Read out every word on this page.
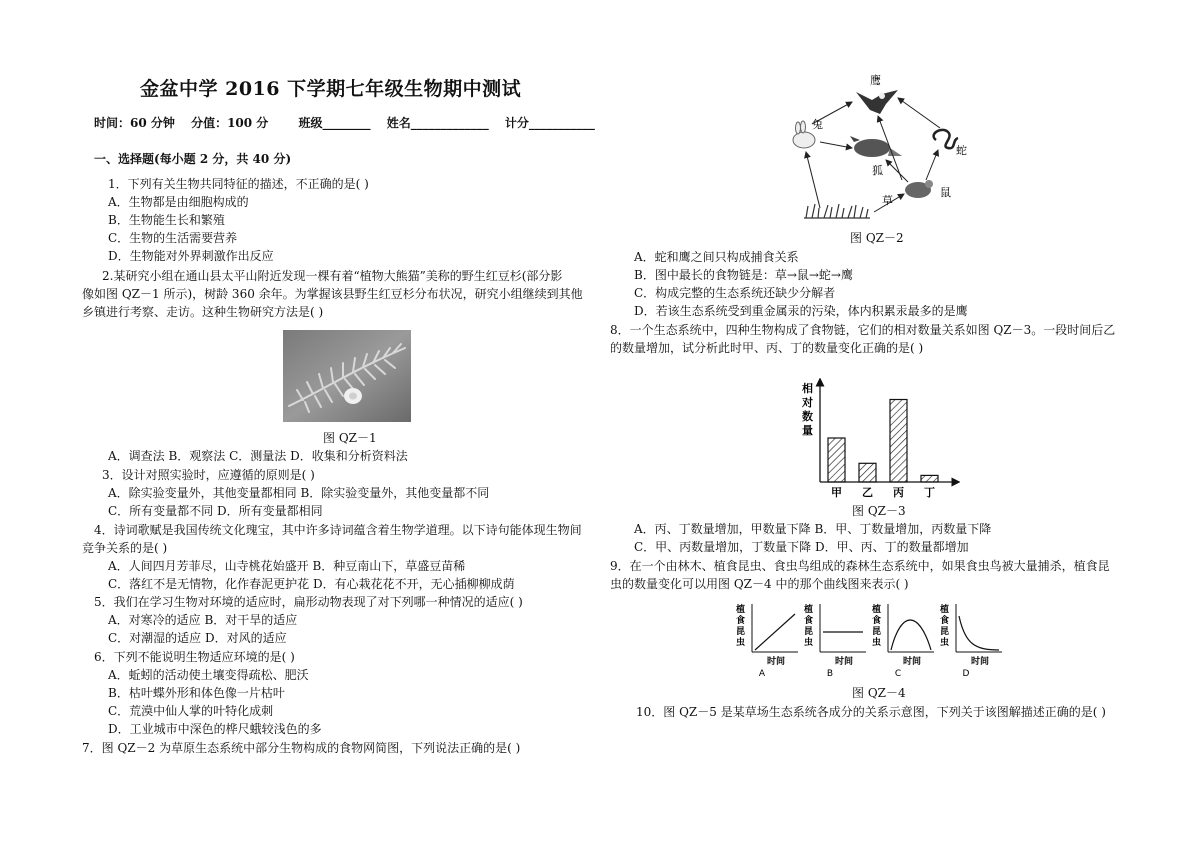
金盆中学 2016 下学期七年级生物期中测试
时间：60 分钟 分值：100 分	班级________ 姓名_____________ 计分___________
一、选择题(每小题 2 分，共 40 分)
1．下列有关生物共同特征的描述，不正确的是( )
A．生物都是由细胞构成的
B．生物能生长和繁殖
C．生物的生活需要营养
D．生物能对外界刺激作出反应
2.某研究小组在通山县太平山附近发现一棵有着“植物大熊猫”美称的野生红豆杉(部分影
像如图 QZ－1 所示)，树龄 360 余年。为掌握该县野生红豆杉分布状况，研究小组继续到其他
乡镇进行考察、走访。这种生物研究方法是( )
图 QZ－1
A．调查法 B．观察法 C．测量法 D．收集和分析资料法
3．设计对照实验时，应遵循的原则是( )
A．除实验变量外，其他变量都相同 B．除实验变量外，其他变量都不同
C．所有变量都不同 D．所有变量都相同
4．诗词歌赋是我国传统文化瑰宝，其中许多诗词蕴含着生物学道理。以下诗句能体现生物间
竞争关系的是( )
A．人间四月芳菲尽，山寺桃花始盛开 B．种豆南山下，草盛豆苗稀
C．落红不是无情物，化作春泥更护花 D．有心栽花花不开，无心插柳柳成荫
5．我们在学习生物对环境的适应时，扁形动物表现了对下列哪一种情况的适应( )
A．对寒冷的适应 B．对干旱的适应
C．对潮湿的适应 D．对风的适应
6．下列不能说明生物适应环境的是( )
A．蚯蚓的活动使土壤变得疏松、肥沃
B．枯叶蝶外形和体色像一片枯叶
C．荒漠中仙人掌的叶特化成刺
D．工业城市中深色的桦尺蛾较浅色的多
7．图 QZ－2 为草原生态系统中部分生物构成的食物网简图，下列说法正确的是( )
鹰
兔
狐
蛇
鼠
草
图 QZ－2
A．蛇和鹰之间只构成捕食关系
B．图中最长的食物链是：草→鼠→蛇→鹰
C．构成完整的生态系统还缺少分解者
D．若该生态系统受到重金属汞的污染，体内积累汞最多的是鹰
8．一个生态系统中，四种生物构成了食物链，它们的相对数量关系如图 QZ－3。一段时间后乙
的数量增加，试分析此时甲、丙、丁的数量变化正确的是( )
相
对
数
量
甲 乙 丙 丁
图 QZ－3
A．丙、丁数量增加，甲数量下降 B．甲、丁数量增加，丙数量下降
C．甲、丙数量增加，丁数量下降 D．甲、丙、丁的数量都增加
9．在一个由林木、植食昆虫、食虫鸟组成的森林生态系统中，如果食虫鸟被大量捕杀，植食昆
虫的数量变化可以用图 QZ－4 中的那个曲线图来表示( )
植
食
昆
虫
时间
A
植
食
昆
虫
时间
B
植
食
昆
虫
时间
C
植
食
昆
虫
时间
D
图 QZ－4
10．图 QZ－5 是某草场生态系统各成分的关系示意图，下列关于该图解描述正确的是( )
